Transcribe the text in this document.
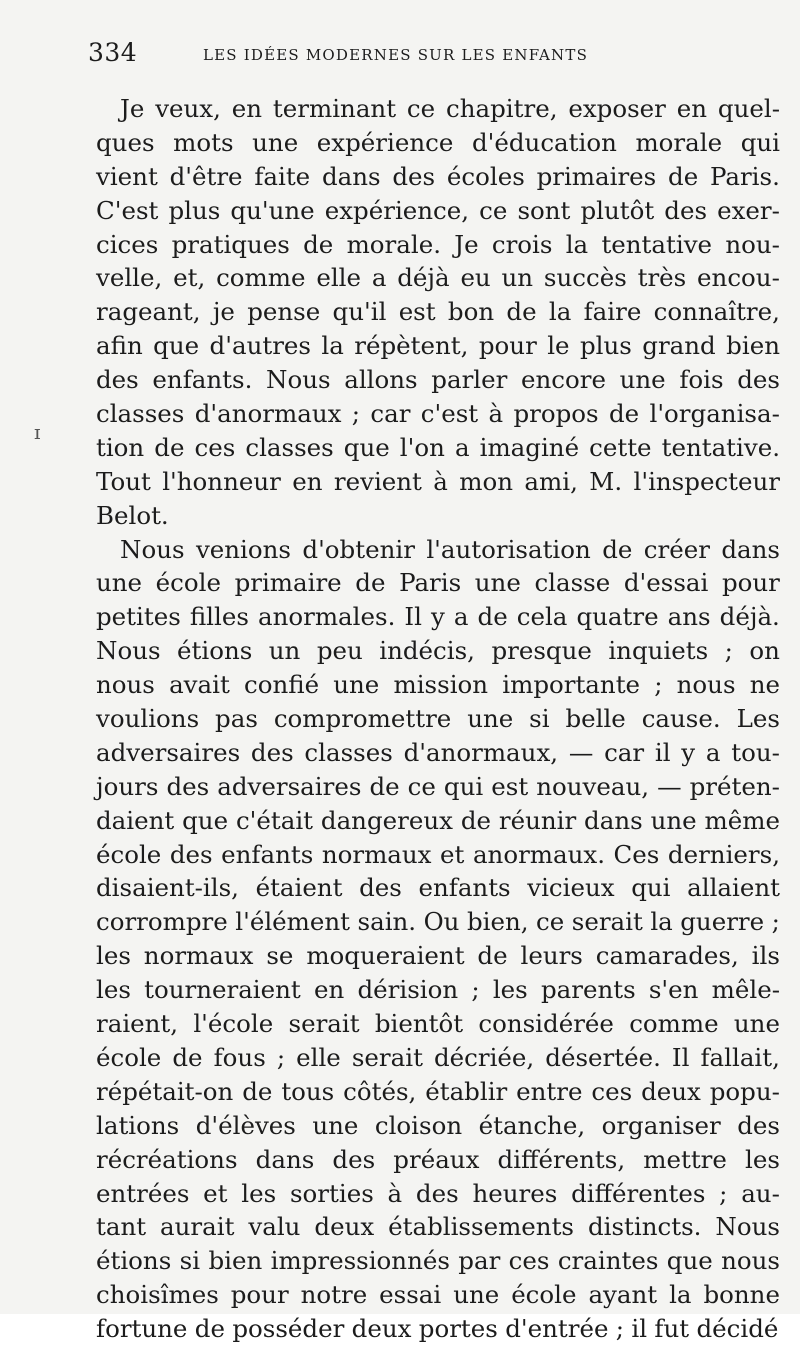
334	LES IDÉES MODERNES SUR LES ENFANTS
ɪ
Je veux, en terminant ce chapitre, exposer en quel-
ques mots une expérience d'éducation morale qui
vient d'être faite dans des écoles primaires de Paris.
C'est plus qu'une expérience, ce sont plutôt des exer-
cices pratiques de morale. Je crois la tentative nou-
velle, et, comme elle a déjà eu un succès très encou-
rageant, je pense qu'il est bon de la faire connaître,
afin que d'autres la répètent, pour le plus grand bien
des enfants. Nous allons parler encore une fois des
classes d'anormaux ; car c'est à propos de l'organisa-
tion de ces classes que l'on a imaginé cette tentative.
Tout l'honneur en revient à mon ami, M. l'inspecteur
Belot.
Nous venions d'obtenir l'autorisation de créer dans
une école primaire de Paris une classe d'essai pour
petites filles anormales. Il y a de cela quatre ans déjà.
Nous étions un peu indécis, presque inquiets ; on
nous avait confié une mission importante ; nous ne
voulions pas compromettre une si belle cause. Les
adversaires des classes d'anormaux, — car il y a tou-
jours des adversaires de ce qui est nouveau, — préten-
daient que c'était dangereux de réunir dans une même
école des enfants normaux et anormaux. Ces derniers,
disaient-ils, étaient des enfants vicieux qui allaient
corrompre l'élément sain. Ou bien, ce serait la guerre ;
les normaux se moqueraient de leurs camarades, ils
les tourneraient en dérision ; les parents s'en mêle-
raient, l'école serait bientôt considérée comme une
école de fous ; elle serait décriée, désertée. Il fallait,
répétait-on de tous côtés, établir entre ces deux popu-
lations d'élèves une cloison étanche, organiser des
récréations dans des préaux différents, mettre les
entrées et les sorties à des heures différentes ; au-
tant aurait valu deux établissements distincts. Nous
étions si bien impressionnés par ces craintes que nous
choisîmes pour notre essai une école ayant la bonne
fortune de posséder deux portes d'entrée ; il fut décidé
